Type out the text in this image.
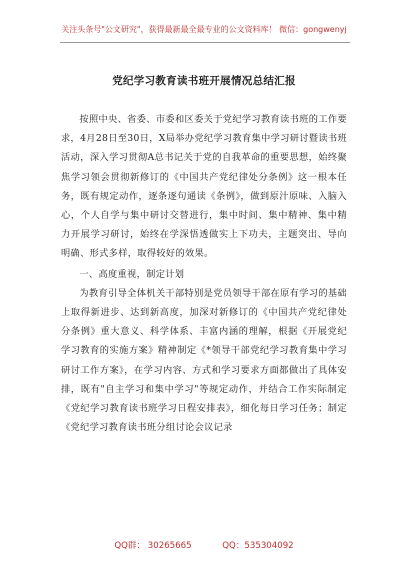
关注头条号"公文研究"，获得最新最全最专业的公文资料库！ 微信：gongwenyj
党纪学习教育读书班开展情况总结汇报

按照中央、省委、市委和区委关于党纪学习教育读书班的工作要求，4月28日至30日，X局举办党纪学习教育集中学习研讨暨读书班活动，深入学习贯彻A总书记关于党的自我革命的重要思想，始终聚焦学习领会贯彻新修订的《中国共产党纪律处分条例》这一根本任务，既有规定动作，逐条逐句通读《条例》，做到原汁原味、入脑入心，个人自学与集中研讨交替进行，集中时间、集中精神、集中精力开展学习研讨，始终在学深悟透做实上下功夫，主题突出、导向明确、形式多样，取得较好的效果。

一、高度重视，制定计划

为教育引导全体机关干部特别是党员领导干部在原有学习的基础上取得新进步、达到新高度，加深对新修订的《中国共产党纪律处分条例》重大意义、科学体系、丰富内涵的理解，根据《开展党纪学习教育的实施方案》精神制定《*领导干部党纪学习教育集中学习研讨工作方案》，在学习内容、方式和学习要求方面都做出了具体安排，既有"自主学习和集中学习"等规定动作，并结合工作实际制定《党纪学习教育读书班学习日程安排表》，细化每日学习任务；制定《党纪学习教育读书班分组讨论会议记录

QQ群： 30265665	QQ：535304092
